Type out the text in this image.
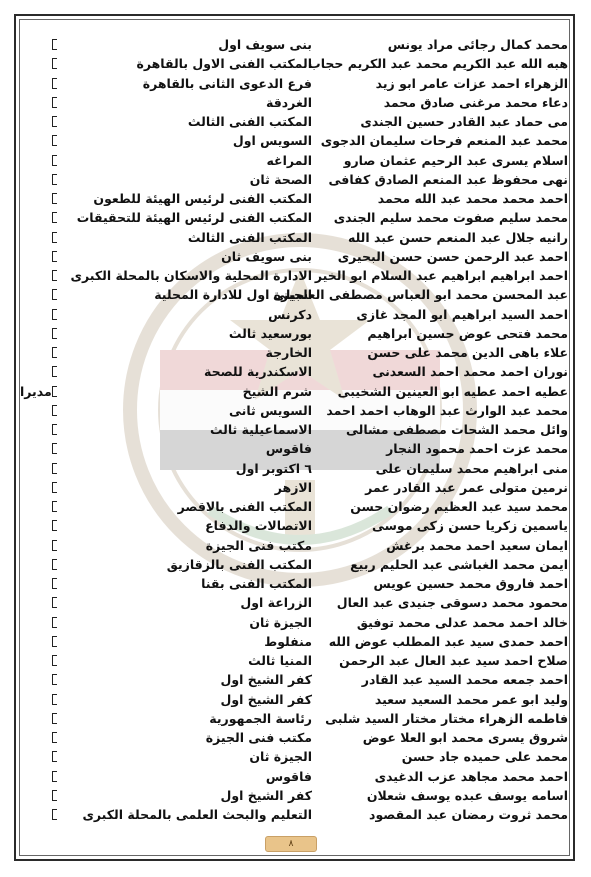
محمد كمال رجائى مراد يونس
بنى سويف اول
هبه الله عبد الكريم محمد عبد الكريم حجاب
المكتب الفنى الاول بالقاهرة
الزهراء احمد عزات عامر ابو زيد
فرع الدعوى الثانى بالقاهرة
دعاء محمد مرغنى صادق محمد
الغردقة
مى حماد عبد القادر حسين الجندى
المكتب الفنى الثالث
محمد عبد المنعم فرحات سليمان الدجوى
السويس اول
اسلام يسرى عبد الرحيم عثمان صارو
المراغه
نهى محفوظ عبد المنعم الصادق كفافى
الصحة ثان
احمد محمد محمد عبد الله محمد
المكتب الفنى لرئيس الهيئة للطعون
محمد سليم صفوت محمد سليم الجندى
المكتب الفنى لرئيس الهيئة للتحقيقات
رانيه جلال عبد المنعم حسن عبد الله
المكتب الفنى الثالث
احمد عبد الرحمن حسن حسن البحيرى
بنى سويف ثان
احمد ابراهيم ابراهيم عبد السلام ابو الخير
الادارة المحلية والاسكان بالمحلة الكبرى
عبد المحسن محمد ابو العباس مصطفى العسيلى
الجيزة اول للادارة المحلية
احمد السيد ابراهيم ابو المجد غازى
دكرنس
محمد فتحى عوض حسين ابراهيم
بورسعيد ثالث
علاء باهى الدين محمد على حسن
الخارجة
نوران احمد محمد احمد السعدنى
الاسكندرية للصحة
عطيه احمد عطيه ابو العينين الشخيبى
شرم الشيخ
مديرا
محمد عبد الوارث عبد الوهاب احمد احمد
السويس ثانى
وائل محمد الشحات مصطفى مشالى
الاسماعيلية ثالث
محمد عزت احمد محمود النجار
فاقوس
منى ابراهيم محمد سليمان على
٦ اكتوبر اول
نرمين متولى عمر عبد القادر عمر
الازهر
محمد سيد عبد العظيم رضوان حسن
المكتب الفنى بالاقصر
ياسمين زكريا حسن زكى موسى
الاتصالات والدفاع
ايمان سعيد احمد محمد برغش
مكتب فنى الجيزة
ايمن محمد الغباشى عبد الحليم ربيع
المكتب الفنى بالزقازيق
احمد فاروق محمد حسين عويس
المكتب الفنى بقنا
محمود محمد دسوقى جنيدى عبد العال
الزراعة اول
خالد احمد محمد عدلى محمد توفيق
الجيزة ثان
احمد حمدى سيد عبد المطلب عوض الله
منفلوط
صلاح احمد سيد عبد العال عبد الرحمن
المنيا ثالث
احمد جمعه محمد السيد عبد القادر
كفر الشيخ اول
وليد ابو عمر محمد السعيد سعيد
كفر الشيخ اول
فاطمه الزهراء مختار مختار السيد شلبى
رئاسة الجمهورية
شروق يسرى محمد ابو العلا عوض
مكتب فنى الجيزة
محمد على حميده جاد حسن
الجيزة ثان
احمد محمد مجاهد عزب الدغيدى
فاقوس
اسامه يوسف عبده يوسف شعلان
كفر الشيخ اول
محمد ثروت رمضان عبد المقصود
التعليم والبحث العلمى بالمحلة الكبرى
٨
